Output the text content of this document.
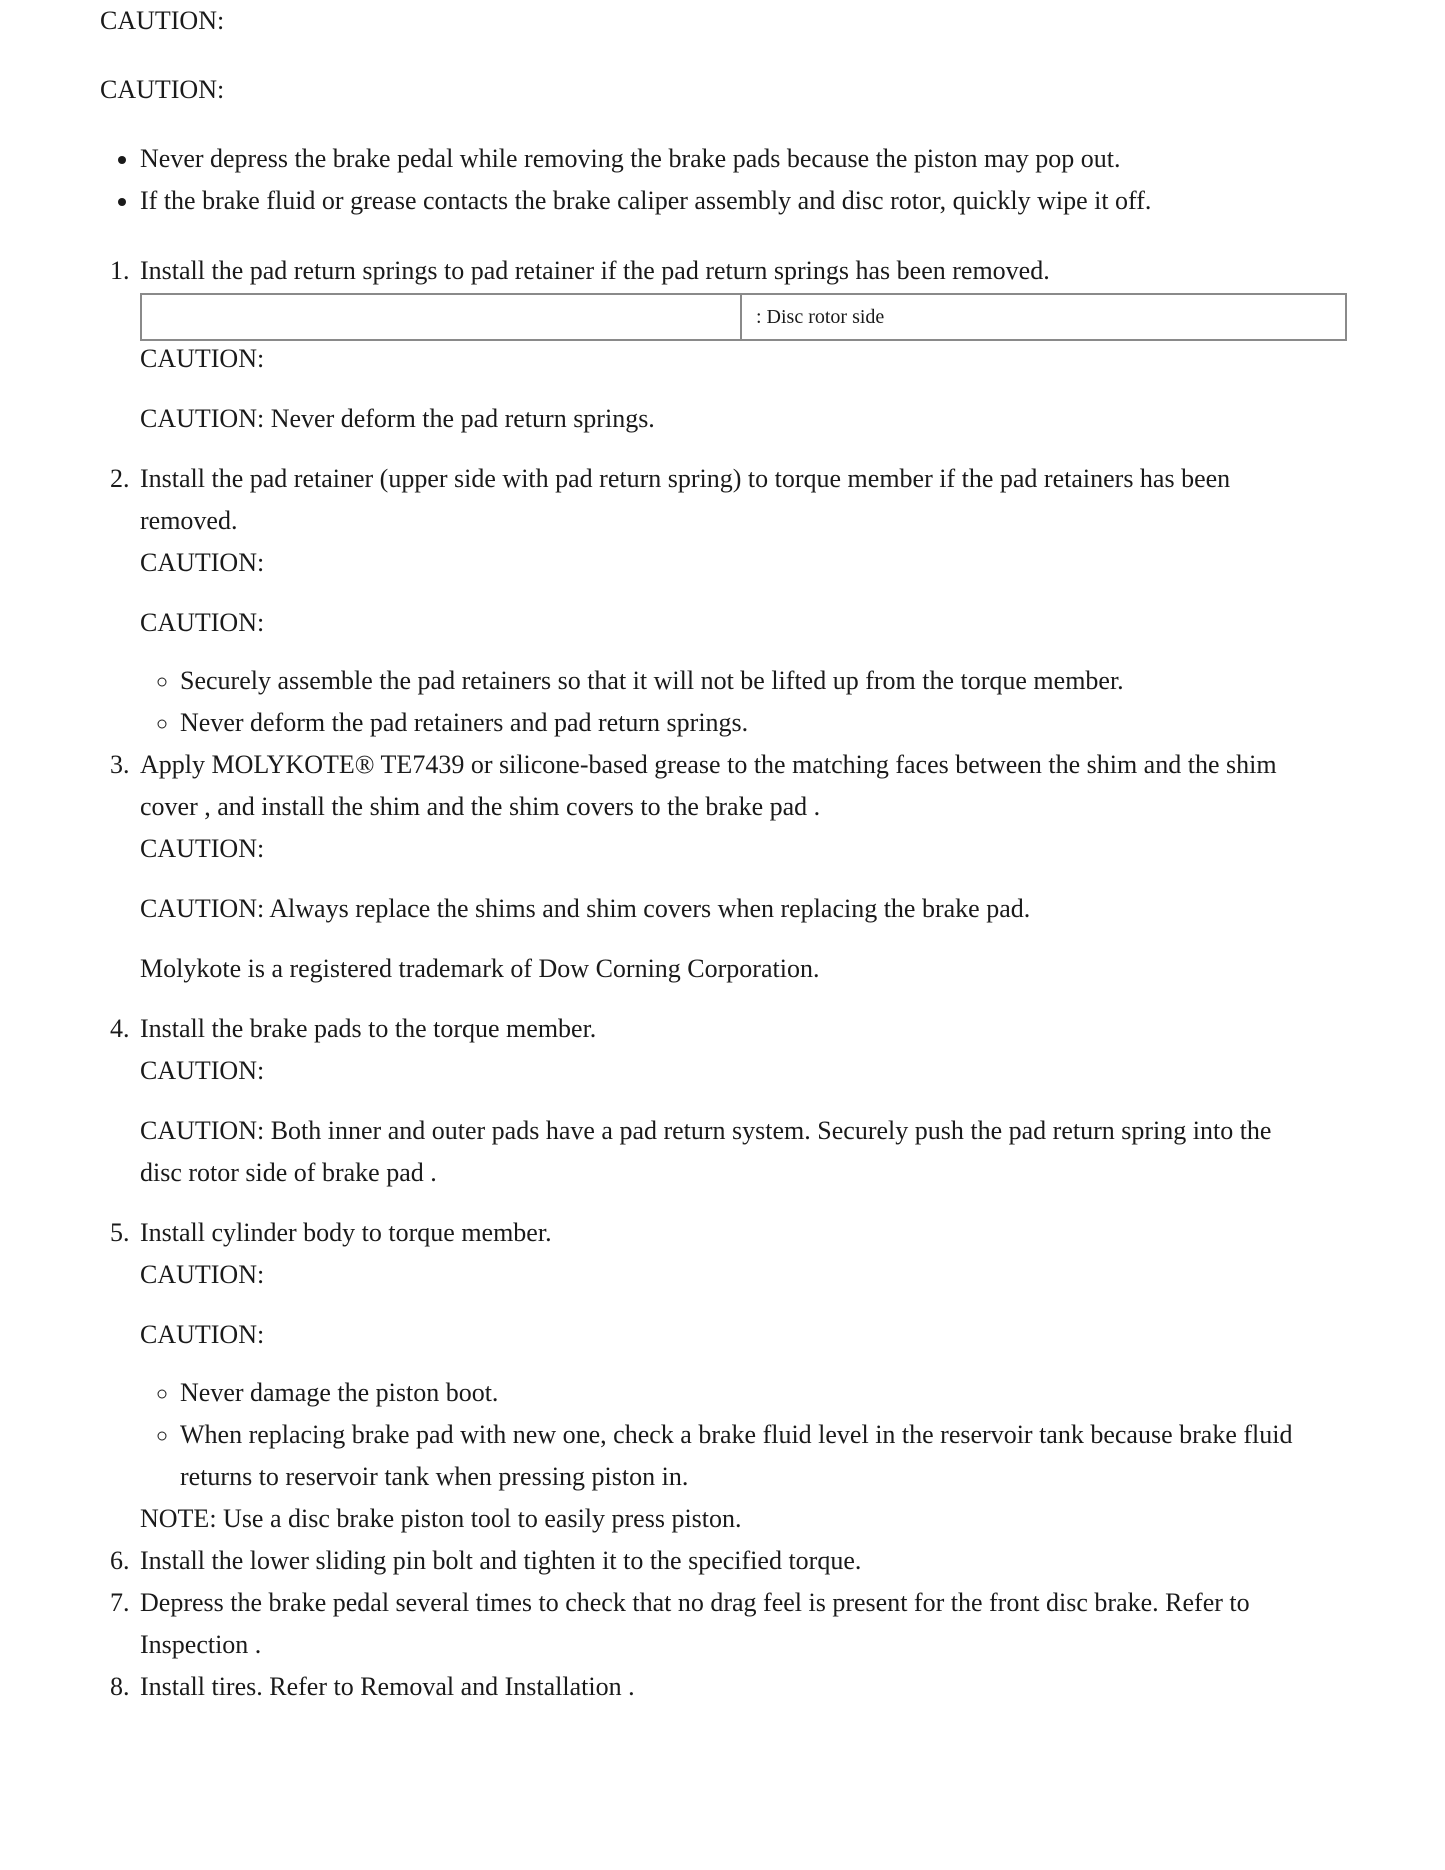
CAUTION:
CAUTION:
• Never depress the brake pedal while removing the brake pads because the piston may pop out.
• If the brake fluid or grease contacts the brake caliper assembly and disc rotor, quickly wipe it off.
1. Install the pad return springs to pad retainer if the pad return springs has been removed.
: Disc rotor side
CAUTION:
CAUTION: Never deform the pad return springs.
2. Install the pad retainer (upper side with pad return spring) to torque member if the pad retainers has been
removed.
CAUTION:
CAUTION:
◦ Securely assemble the pad retainers so that it will not be lifted up from the torque member.
◦ Never deform the pad retainers and pad return springs.
3. Apply MOLYKOTE® TE7439 or silicone-based grease to the matching faces between the shim and the shim
cover , and install the shim and the shim covers to the brake pad .
CAUTION:
CAUTION: Always replace the shims and shim covers when replacing the brake pad.
Molykote is a registered trademark of Dow Corning Corporation.
4. Install the brake pads to the torque member.
CAUTION:
CAUTION: Both inner and outer pads have a pad return system. Securely push the pad return spring into the
disc rotor side of brake pad .
5. Install cylinder body to torque member.
CAUTION:
CAUTION:
◦ Never damage the piston boot.
◦ When replacing brake pad with new one, check a brake fluid level in the reservoir tank because brake fluid
returns to reservoir tank when pressing piston in.
NOTE: Use a disc brake piston tool to easily press piston.
6. Install the lower sliding pin bolt and tighten it to the specified torque.
7. Depress the brake pedal several times to check that no drag feel is present for the front disc brake. Refer to
Inspection .
8. Install tires. Refer to Removal and Installation .
